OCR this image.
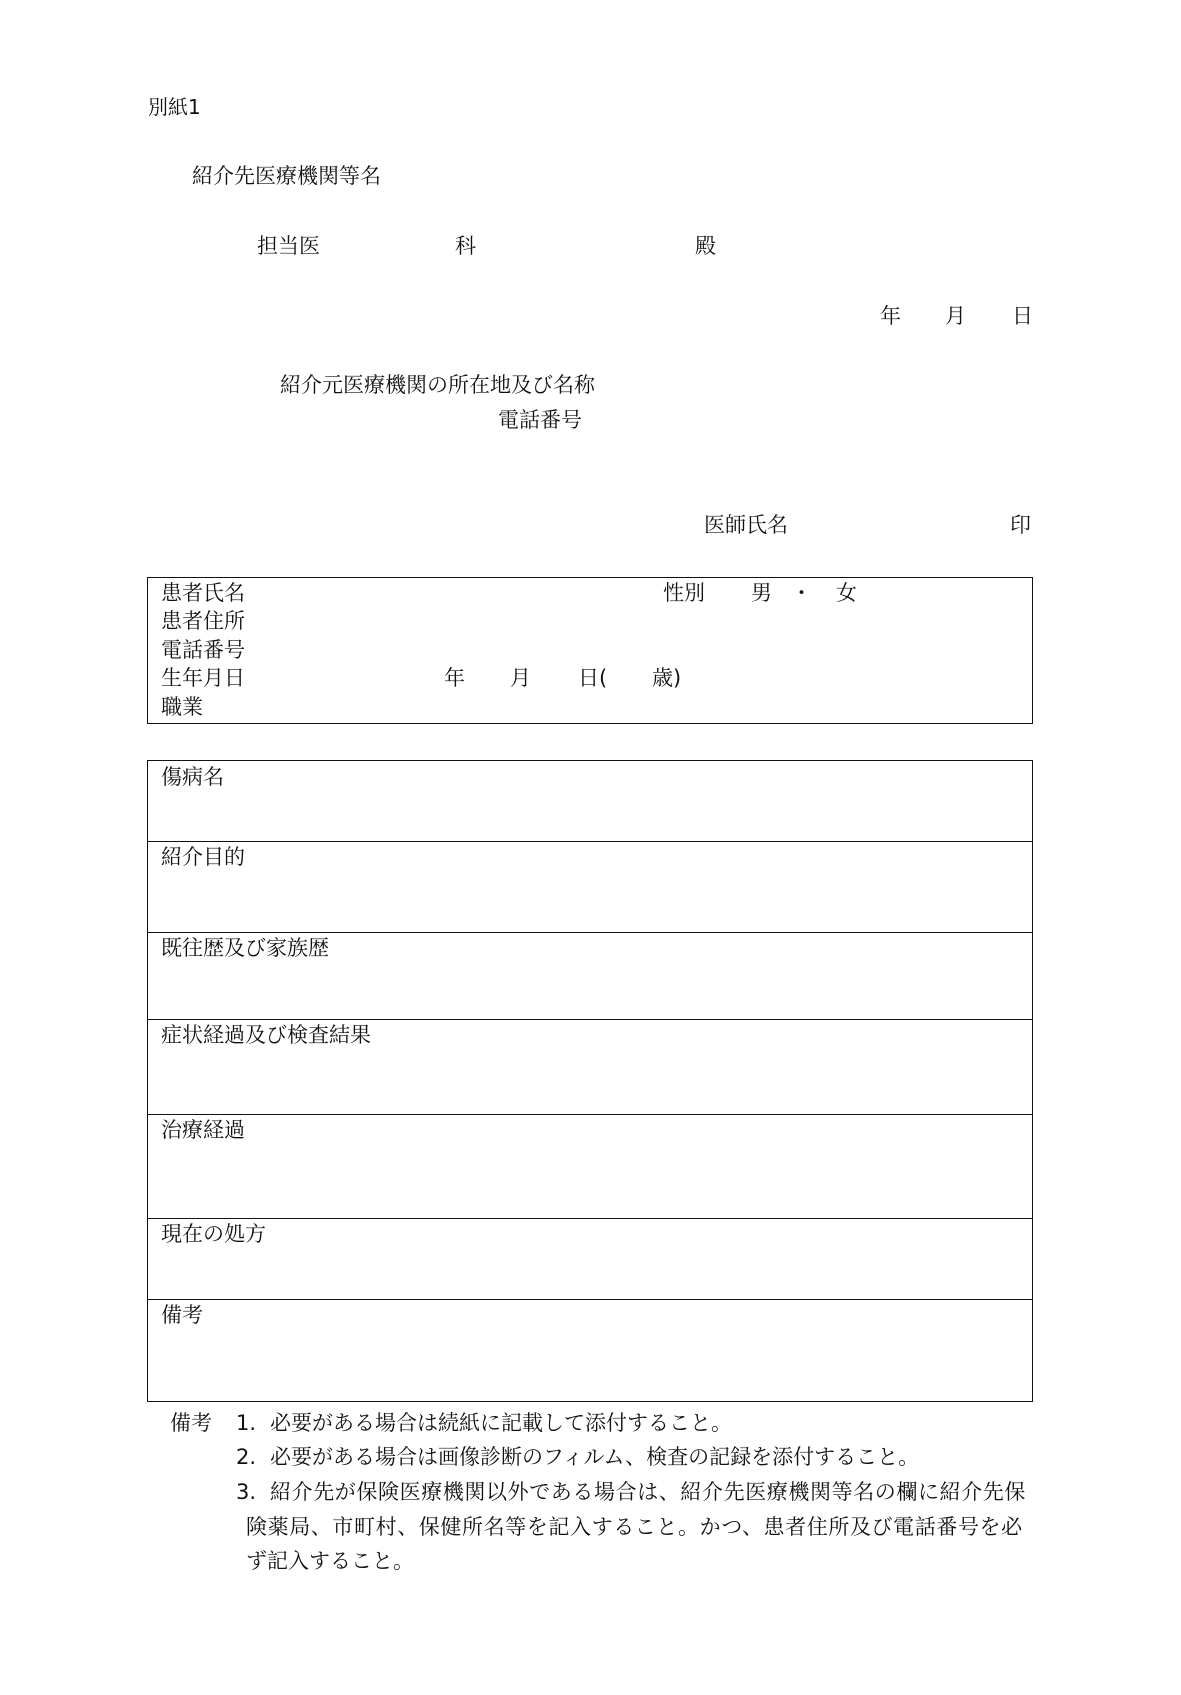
別紙1
紹介先医療機関等名
担当医	科	殿
年 月 日
紹介元医療機関の所在地及び名称
電話番号
医師氏名	印
患者氏名	性別 男 ・ 女
患者住所
電話番号
生年月日	年 月 日( 歳)
職業
傷病名
紹介目的
既往歴及び家族歴
症状経過及び検査結果
治療経過
現在の処方
備考
備考 1. 必要がある場合は続紙に記載して添付すること。
2. 必要がある場合は画像診断のフィルム、検査の記録を添付すること。
3. 紹介先が保険医療機関以外である場合は、紹介先医療機関等名の欄に紹介先保
険薬局、市町村、保健所名等を記入すること。かつ、患者住所及び電話番号を必
ず記入すること。
